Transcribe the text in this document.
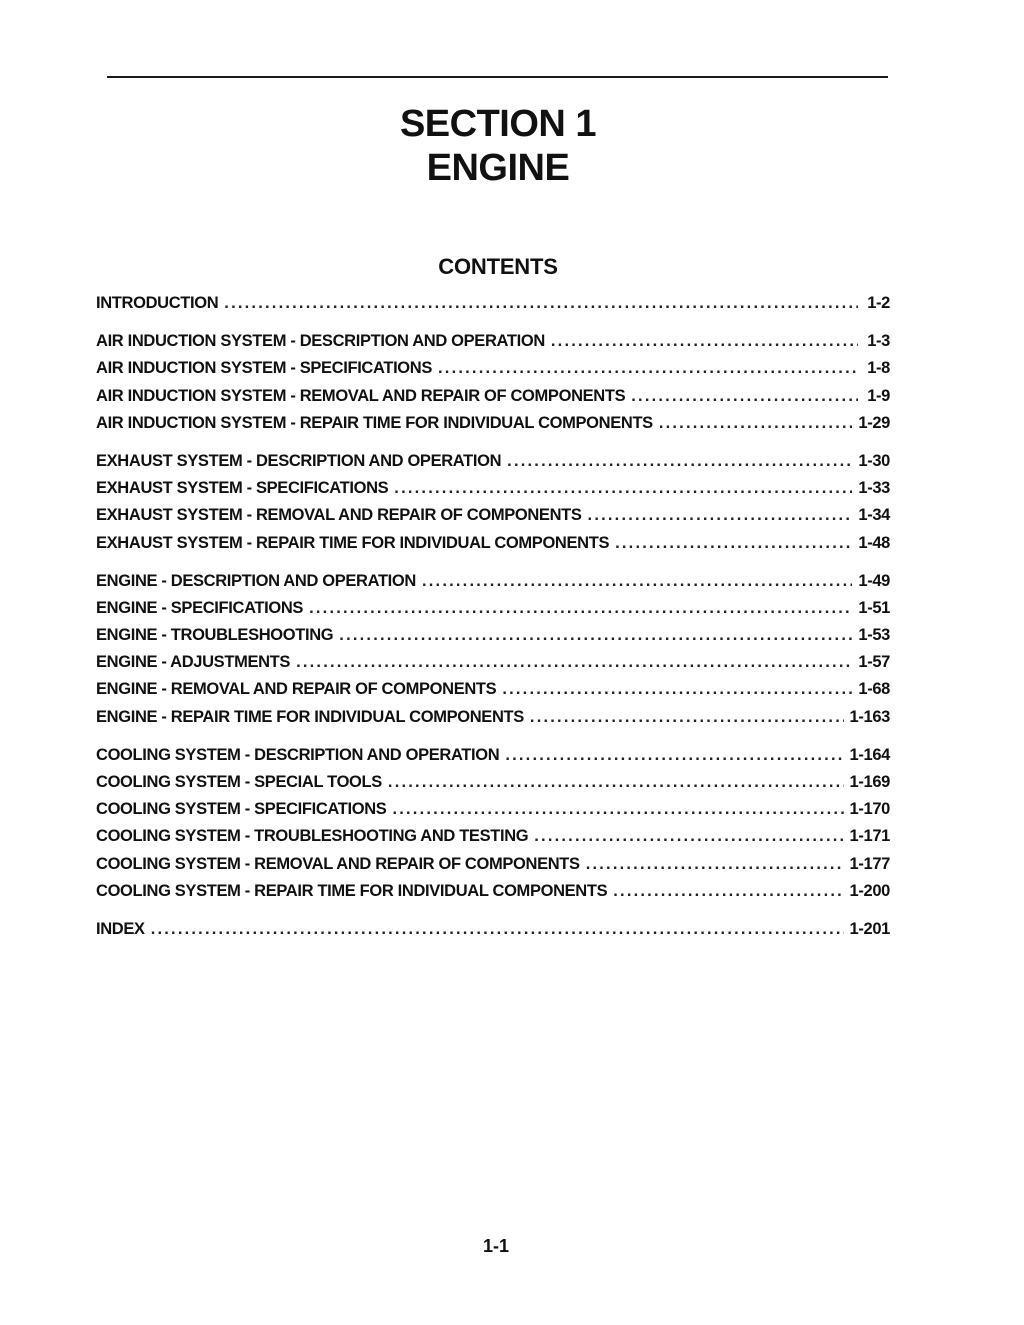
SECTION 1
ENGINE
CONTENTS
INTRODUCTION .....	1-2
AIR INDUCTION SYSTEM - DESCRIPTION AND OPERATION .....	1-3
AIR INDUCTION SYSTEM - SPECIFICATIONS .....	1-8
AIR INDUCTION SYSTEM - REMOVAL AND REPAIR OF COMPONENTS .....	1-9
AIR INDUCTION SYSTEM - REPAIR TIME FOR INDIVIDUAL COMPONENTS .....	1-29
EXHAUST SYSTEM - DESCRIPTION AND OPERATION .....	1-30
EXHAUST SYSTEM - SPECIFICATIONS .....	1-33
EXHAUST SYSTEM - REMOVAL AND REPAIR OF COMPONENTS .....	1-34
EXHAUST SYSTEM - REPAIR TIME FOR INDIVIDUAL COMPONENTS .....	1-48
ENGINE - DESCRIPTION AND OPERATION .....	1-49
ENGINE - SPECIFICATIONS .....	1-51
ENGINE - TROUBLESHOOTING .....	1-53
ENGINE - ADJUSTMENTS .....	1-57
ENGINE - REMOVAL AND REPAIR OF COMPONENTS .....	1-68
ENGINE - REPAIR TIME FOR INDIVIDUAL COMPONENTS .....	1-163
COOLING SYSTEM - DESCRIPTION AND OPERATION .....	1-164
COOLING SYSTEM - SPECIAL TOOLS .....	1-169
COOLING SYSTEM - SPECIFICATIONS .....	1-170
COOLING SYSTEM - TROUBLESHOOTING AND TESTING .....	1-171
COOLING SYSTEM - REMOVAL AND REPAIR OF COMPONENTS .....	1-177
COOLING SYSTEM - REPAIR TIME FOR INDIVIDUAL COMPONENTS .....	1-200
INDEX .....	1-201
1-1
